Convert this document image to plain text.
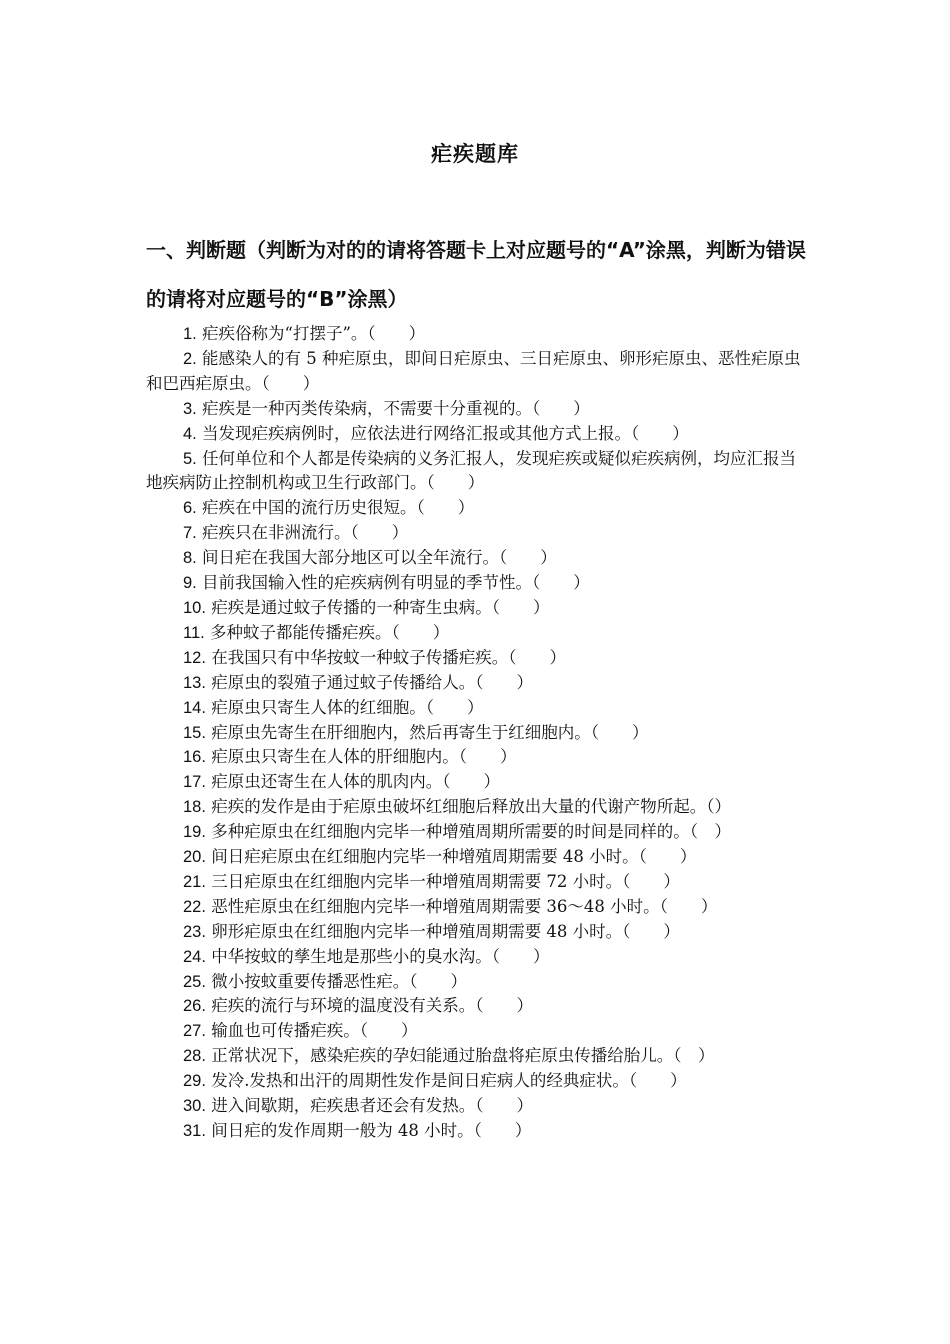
疟疾题库
一、判断题（判断为对的的请将答题卡上对应题号的“A”涂黑，判断为错误的请将对应题号的“B”涂黑）
1. 疟疾俗称为“打摆子”。（　　）
2. 能感染人的有 5 种疟原虫，即间日疟原虫、三日疟原虫、卵形疟原虫、恶性疟原虫和巴西疟原虫。（　　）
3. 疟疾是一种丙类传染病，不需要十分重视的。（　　）
4. 当发现疟疾病例时，应依法进行网络汇报或其他方式上报。（　　）
5. 任何单位和个人都是传染病的义务汇报人，发现疟疾或疑似疟疾病例，均应汇报当地疾病防止控制机构或卫生行政部门。（　　）
6. 疟疾在中国的流行历史很短。（　　）
7. 疟疾只在非洲流行。（　　）
8. 间日疟在我国大部分地区可以全年流行。（　　）
9. 目前我国输入性的疟疾病例有明显的季节性。（　　）
10. 疟疾是通过蚊子传播的一种寄生虫病。（　　）
11. 多种蚊子都能传播疟疾。（　　）
12. 在我国只有中华按蚊一种蚊子传播疟疾。（　　）
13. 疟原虫的裂殖子通过蚊子传播给人。（　　）
14. 疟原虫只寄生人体的红细胞。（　　）
15. 疟原虫先寄生在肝细胞内，然后再寄生于红细胞内。（　　）
16. 疟原虫只寄生在人体的肝细胞内。（　　）
17. 疟原虫还寄生在人体的肌肉内。（　　）
18. 疟疾的发作是由于疟原虫破坏红细胞后释放出大量的代谢产物所起。（）
19. 多种疟原虫在红细胞内完毕一种增殖周期所需要的时间是同样的。（　）
20. 间日疟疟原虫在红细胞内完毕一种增殖周期需要 48 小时。（　　）
21. 三日疟原虫在红细胞内完毕一种增殖周期需要 72 小时。（　　）
22. 恶性疟原虫在红细胞内完毕一种增殖周期需要 36～48 小时。（　　）
23. 卵形疟原虫在红细胞内完毕一种增殖周期需要 48 小时。（　　）
24. 中华按蚊的孳生地是那些小的臭水沟。（　　）
25. 微小按蚊重要传播恶性疟。（　　）
26. 疟疾的流行与环境的温度没有关系。（　　）
27. 输血也可传播疟疾。（　　）
28. 正常状况下，感染疟疾的孕妇能通过胎盘将疟原虫传播给胎儿。（　）
29. 发冷.发热和出汗的周期性发作是间日疟病人的经典症状。（　　）
30. 进入间歇期，疟疾患者还会有发热。（　　）
31. 间日疟的发作周期一般为 48 小时。（　　）
